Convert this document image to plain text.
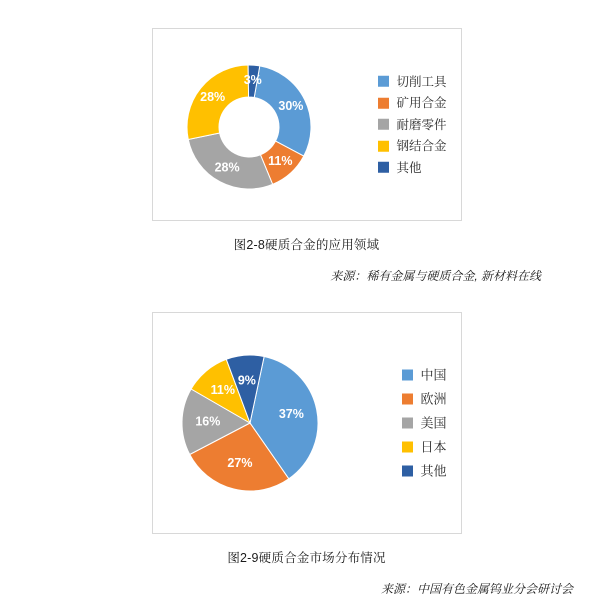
30%
11%
28%
28%
3%	切削工具
矿用合金
耐磨零件
钢结合金
其他
图2-8硬质合金的应用领域
来源：稀有金属与硬质合金, 新材料在线
37%
27%
16%
11%
9%	中国
欧洲
美国
日本
其他
图2-9硬质合金市场分布情况
来源：中国有色金属钨业分会研讨会
